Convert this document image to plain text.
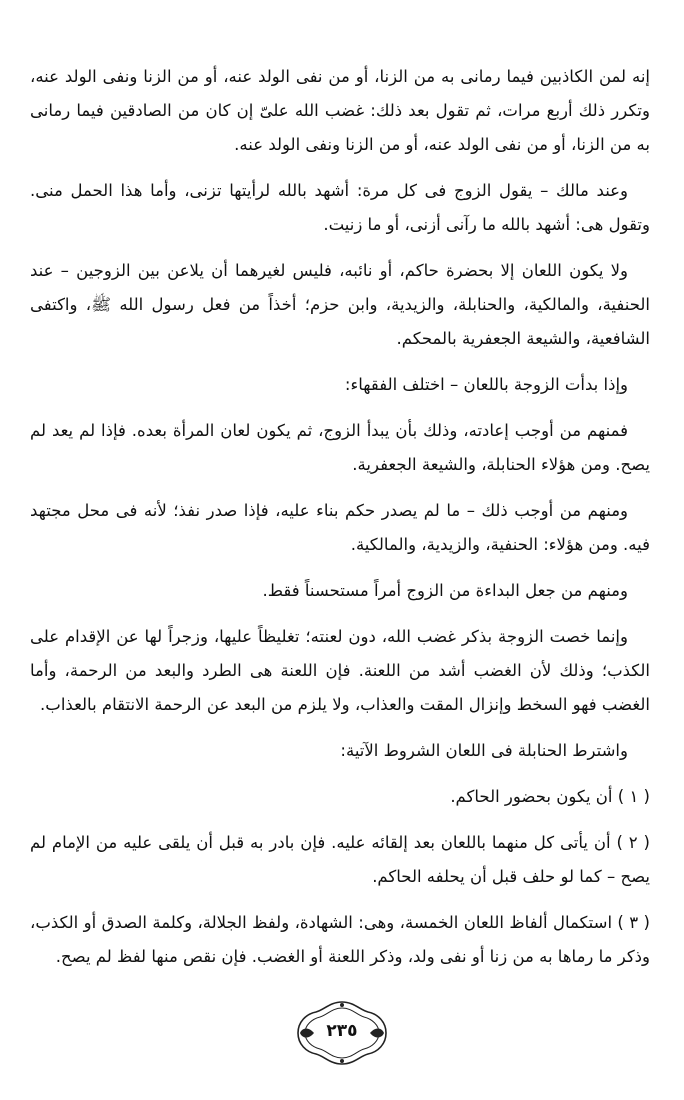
إنه لمن الكاذبين فيما رمانى به من الزنا، أو من نفى الولد عنه، أو من الزنا ونفى الولد عنه، وتكرر ذلك أربع مرات، ثم تقول بعد ذلك: غضب الله علىّ إن كان من الصادقين فيما رمانى به من الزنا، أو من نفى الولد عنه، أو من الزنا ونفى الولد عنه.

وعند مالك – يقول الزوج فى كل مرة: أشهد بالله لرأيتها تزنى، وأما هذا الحمل منى. وتقول هى: أشهد بالله ما رآنى أزنى، أو ما زنيت.

ولا يكون اللعان إلا بحضرة حاكم، أو نائبه، فليس لغيرهما أن يلاعن بين الزوجين – عند الحنفية، والمالكية، والحنابلة، والزيدية، وابن حزم؛ أخذاً من فعل رسول الله ﷺ، واكتفى الشافعية، والشيعة الجعفرية بالمحكم.

وإذا بدأت الزوجة باللعان – اختلف الفقهاء:

فمنهم من أوجب إعادته، وذلك بأن يبدأ الزوج، ثم يكون لعان المرأة بعده. فإذا لم يعد لم يصح. ومن هؤلاء الحنابلة، والشيعة الجعفرية.

ومنهم من أوجب ذلك – ما لم يصدر حكم بناء عليه، فإذا صدر نفذ؛ لأنه فى محل مجتهد فيه. ومن هؤلاء: الحنفية، والزيدية، والمالكية.

ومنهم من جعل البداءة من الزوج أمراً مستحسناً فقط.

وإنما خصت الزوجة بذكر غضب الله، دون لعنته؛ تغليظاً عليها، وزجراً لها عن الإقدام على الكذب؛ وذلك لأن الغضب أشد من اللعنة. فإن اللعنة هى الطرد والبعد من الرحمة، وأما الغضب فهو السخط وإنزال المقت والعذاب، ولا يلزم من البعد عن الرحمة الانتقام بالعذاب.

واشترط الحنابلة فى اللعان الشروط الآتية:

( ١ ) أن يكون بحضور الحاكم.

( ٢ ) أن يأتى كل منهما باللعان بعد إلقائه عليه. فإن بادر به قبل أن يلقى عليه من الإمام لم يصح – كما لو حلف قبل أن يحلفه الحاكم.

( ٣ ) استكمال ألفاظ اللعان الخمسة، وهى: الشهادة، ولفظ الجلالة، وكلمة الصدق أو الكذب، وذكر ما رماها به من زنا أو نفى ولد، وذكر اللعنة أو الغضب. فإن نقص منها لفظ لم يصح.

٢٣٥
